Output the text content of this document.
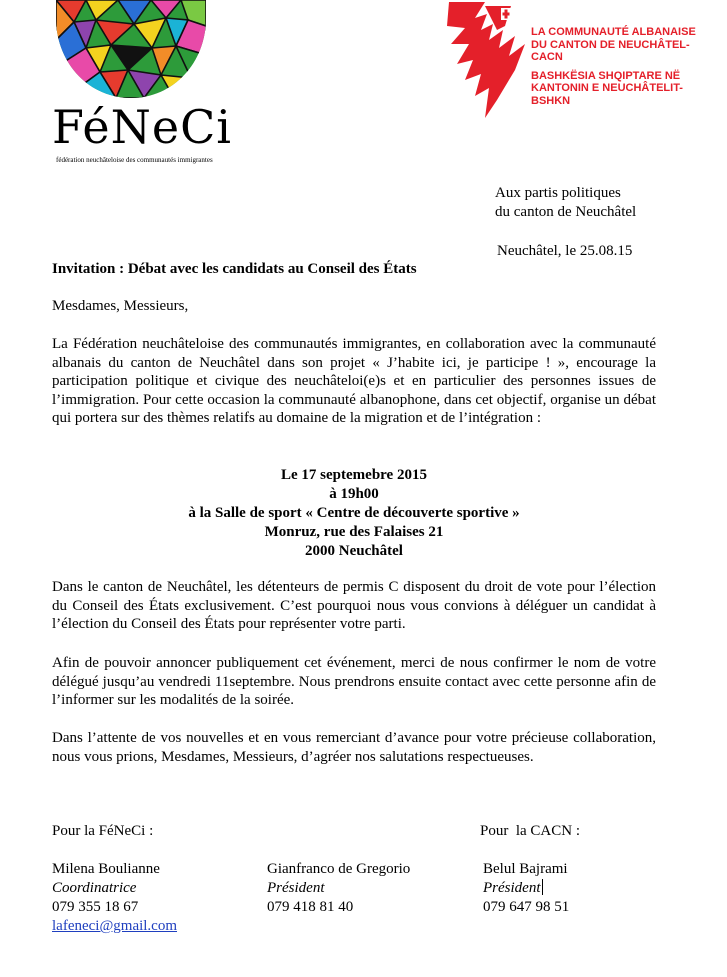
FéNeCi
fédération neuchâteloise des communautés immigrantes
LA COMMUNAUTÉ ALBANAISE
DU CANTON DE NEUCHÂTEL- CACN
BASHKËSIA SHQIPTARE NË
KANTONIN E NEUCHÂTELIT- BSHKN
Aux partis politiques
du canton de Neuchâtel
Neuchâtel, le 25.08.15
Invitation : Débat avec les candidats au Conseil des États
Mesdames, Messieurs,

La Fédération neuchâteloise des communautés immigrantes, en collaboration avec la communauté albanais du canton de Neuchâtel dans son projet « J’habite ici, je participe ! », encourage la participation politique et civique des neuchâteloi(e)s et en particulier des personnes issues de l’immigration. Pour cette occasion la communauté albanophone, dans cet objectif, organise un débat qui portera sur des thèmes relatifs au domaine de la migration et de l’intégration :

Le 17 septemebre 2015
à 19h00
à la Salle de sport « Centre de découverte sportive »
Monruz, rue des Falaises 21
2000 Neuchâtel

Dans le canton de Neuchâtel, les détenteurs de permis C disposent du droit de vote pour l’élection du Conseil des États exclusivement. C’est pourquoi nous vous convions à déléguer un candidat à l’élection du Conseil des États pour représenter votre parti.

Afin de pouvoir annoncer publiquement cet événement, merci de nous confirmer le nom de votre délégué jusqu’au vendredi 11septembre. Nous prendrons ensuite contact avec cette personne afin de l’informer sur les modalités de la soirée.

Dans l’attente de vos nouvelles et en vous remerciant d’avance pour votre précieuse collaboration, nous vous prions, Mesdames, Messieurs, d’agréer nos salutations respectueuses.

Pour la FéNeCi :	Pour  la CACN :
Milena Boulianne
Coordinatrice
079 355 18 67
lafeneci@gmail.com
Gianfranco de Gregorio
Président
079 418 81 40
Belul Bajrami
Président
079 647 98 51
